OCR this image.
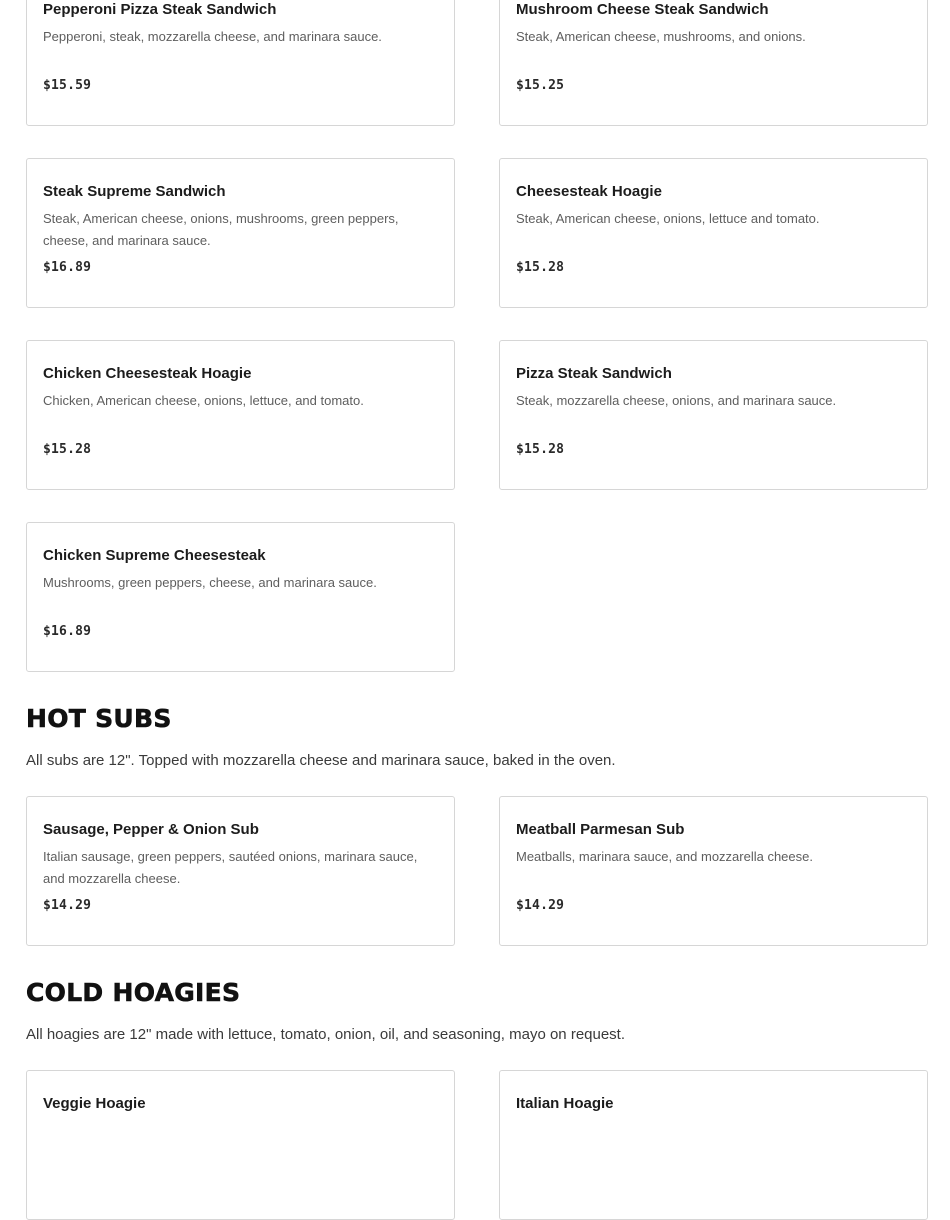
Pepperoni Pizza Steak Sandwich

Pepperoni, steak, mozzarella cheese, and marinara sauce.

$15.59
Mushroom Cheese Steak Sandwich

Steak, American cheese, mushrooms, and onions.

$15.25
Steak Supreme Sandwich

Steak, American cheese, onions, mushrooms, green peppers, cheese, and marinara sauce.

$16.89
Cheesesteak Hoagie

Steak, American cheese, onions, lettuce and tomato.

$15.28
Chicken Cheesesteak Hoagie

Chicken, American cheese, onions, lettuce, and tomato.

$15.28
Pizza Steak Sandwich

Steak, mozzarella cheese, onions, and marinara sauce.

$15.28
Chicken Supreme Cheesesteak

Mushrooms, green peppers, cheese, and marinara sauce.

$16.89
HOT SUBS

All subs are 12". Topped with mozzarella cheese and marinara sauce, baked in the oven.

Sausage, Pepper & Onion Sub

Italian sausage, green peppers, sautéed onions, marinara sauce, and mozzarella cheese.

$14.29
Meatball Parmesan Sub

Meatballs, marinara sauce, and mozzarella cheese.

$14.29
COLD HOAGIES

All hoagies are 12" made with lettuce, tomato, onion, oil, and seasoning, mayo on request.

Veggie Hoagie	Italian Hoagie
